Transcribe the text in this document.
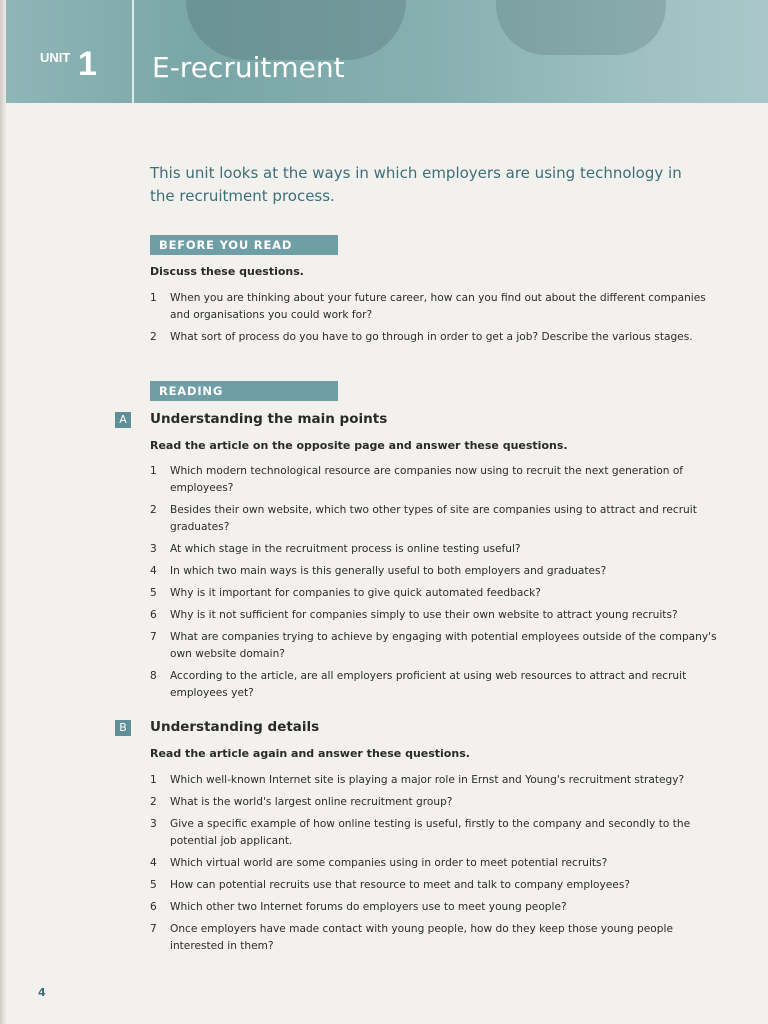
UNIT 1 E-recruitment
This unit looks at the ways in which employers are using technology in the recruitment process.
BEFORE YOU READ
Discuss these questions.
1 When you are thinking about your future career, how can you find out about the different companies and organisations you could work for?
2 What sort of process do you have to go through in order to get a job? Describe the various stages.
READING
A	Understanding the main points
Read the article on the opposite page and answer these questions.
1 Which modern technological resource are companies now using to recruit the next generation of employees?
2 Besides their own website, which two other types of site are companies using to attract and recruit graduates?
3 At which stage in the recruitment process is online testing useful?
4 In which two main ways is this generally useful to both employers and graduates?
5 Why is it important for companies to give quick automated feedback?
6 Why is it not sufficient for companies simply to use their own website to attract young recruits?
7 What are companies trying to achieve by engaging with potential employees outside of the company's own website domain?
8 According to the article, are all employers proficient at using web resources to attract and recruit employees yet?
B	Understanding details
Read the article again and answer these questions.
1 Which well-known Internet site is playing a major role in Ernst and Young's recruitment strategy?
2 What is the world's largest online recruitment group?
3 Give a specific example of how online testing is useful, firstly to the company and secondly to the potential job applicant.
4 Which virtual world are some companies using in order to meet potential recruits?
5 How can potential recruits use that resource to meet and talk to company employees?
6 Which other two Internet forums do employers use to meet young people?
7 Once employers have made contact with young people, how do they keep those young people interested in them?
4
